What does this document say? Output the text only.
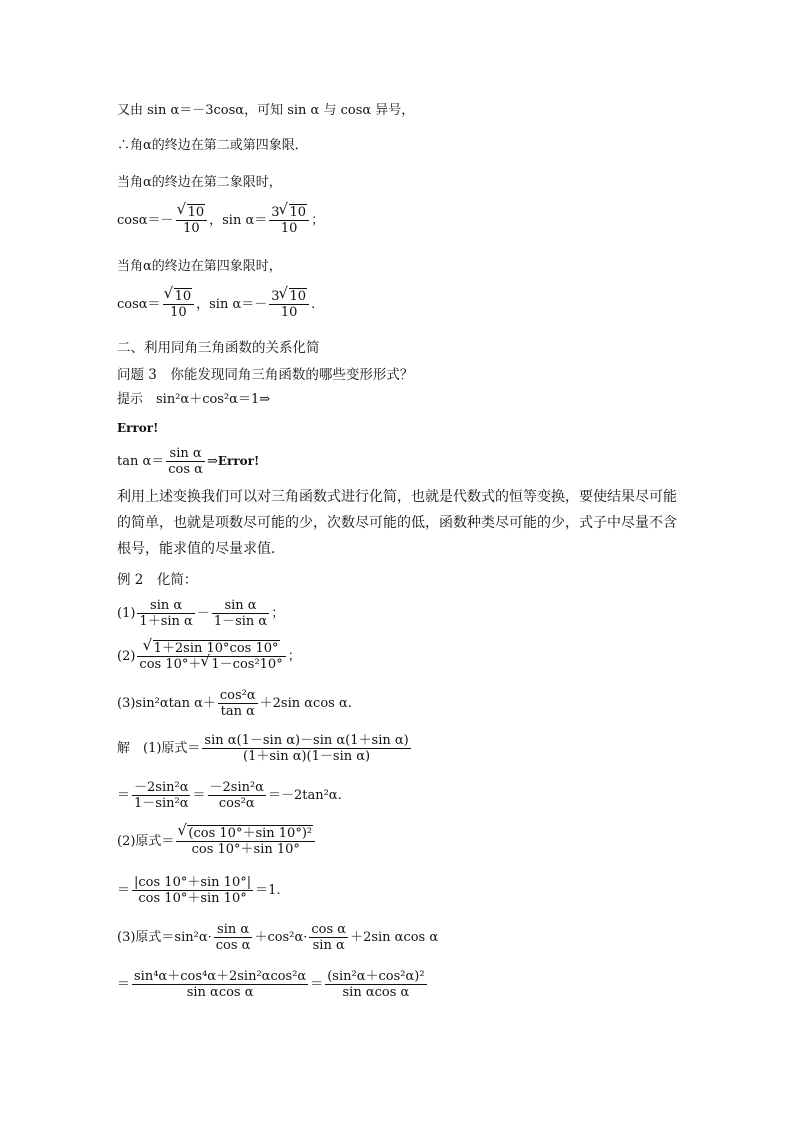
又由 sin α＝－3cosα，可知 sin α 与 cosα 异号，
∴角α的终边在第二或第四象限．
当角α的终边在第二象限时，
cosα＝－ √ $\frac{10}{10}$ ，$\sin \alpha= \frac{3 √ 10}{10}$ ；
当角α的终边在第四象限时，
cosα＝ √ $\frac{10}{10}$ ，$\sin \alpha=- \frac{3 √ 10}{10}$ .
二、利用同角三角函数的关系化简
问题 3　你能发现同角三角函数的哪些变形形式？
提示　sin²α＋cos²α＝1⇒
Error!
$\tan \alpha= \frac{\text{sin α}}{\text{cos α}}$ ⇒Error!
利用上述变换我们可以对三角函数式进行化简，也就是代数式的恒等变换，要使结果尽可能的简单，也就是项数尽可能的少，次数尽可能的低，函数种类尽可能的少，式子中尽量不含根号，能求值的尽量求值．
例 2　化简：
$(1) \frac{\text{sin α}}{\text{1＋sin α}} - \frac{\text{sin α}}{\text{1－sin α}}$ ；
(2) √ $\frac{1+2\sin 10^\circ\cos 10^\circ}{\text{cos 10°＋ √ 1－cos²10°}}$ ；
(3)sin²αtan $\alpha+ \frac{\text{cos²α}}{\text{tan α}} +2\sin$ αcos α.
解　(1)原式＝ $\frac{\text{sin α(1－sin α)－sin α(1＋sin α)}}{\text{(1＋sin α)(1－sin α)}}$
＝ $\frac{\text{－2sin²α}}{\text{1－sin²α}} = \frac{\text{－2sin²α}}{\text{cos²α}} =-2\tan^2\alpha$.
(2)原式＝ √ $\frac{\text{(cos 10°＋sin 10°)²}}{\cos 10^\circ+\sin 10^\circ}$
＝ $\frac{|\cos 10^\circ+\sin 10^\circ|}{\cos 10^\circ+\sin 10^\circ} =1$.
(3)原式$=\sin^2\alpha\cdot \frac{\text{sin α}}{\text{cos α}} +\cos^2\alpha\cdot \frac{\text{cos α}}{\text{sin α}} +2\sin$ αcos α
＝ $\frac{\text{sin⁴α＋cos⁴α＋2sin²αcos²α}}{\text{sin αcos α}} = \frac{\text{(sin²α＋cos²α)²}}{\text{sin αcos α}}$
